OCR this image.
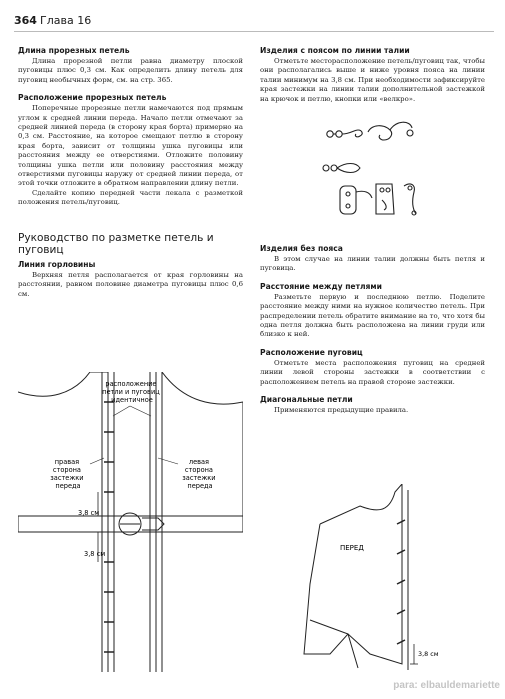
364 Глава 16
Длина прорезных петель

Длина прорезной петли равна диаметру плоской пуговицы плюс 0,3 см. Как определить длину петель для пуговиц необычных форм, см. на стр. 365.

Расположение прорезных петель

Поперечные прорезные петли намечаются под прямым углом к средней линии переда. Начало петли отмечают за средней линией переда (в сторону края борта) примерно на 0,3 см. Расстояние, на которое смещают петлю в сторону края борта, зависит от толщины ушка пуговицы или расстояния между ее отверстиями. Отложите половину толщины ушка петли или половину расстояния между отверстиями пуговицы наружу от средней линии переда, от этой точки отложите в обратном направлении длину петли.

Сделайте копию передней части лекала с разметкой положения петель/пуговиц.

Руководство по разметке петель и пуговиц
Линия горловины

Верхняя петля располагается от края горловины на расстоянии, равном половине диаметра пуговицы плюс 0,6 см.

Изделия с поясом по линии талии

Отметьте месторасположение петель/пуговиц так, чтобы они располагались выше и ниже уровня пояса на линии талии минимум на 3,8 см. При необходимости зафиксируйте края застежки на линии талии дополнительной застежкой на крючок и петлю, кнопки или «велкро».

Изделия без пояса

В этом случае на линии талии должны быть петля и пуговица.

Расстояние между петлями

Разметьте первую и последнюю петлю. Поделите расстояние между ними на нужное количество петель. При распределении петель обратите внимание на то, что хотя бы одна петля должна быть расположена на линии груди или близко к ней.

Расположение пуговиц

Отметьте места расположения пуговиц на средней линии левой стороны застежки в соответствии с расположением петель на правой стороне застежки.

Диагональные петли

Применяются предыдущие правила.

расположение петли и пуговиц идентичное
правая сторона застежки переда
левая сторона застежки переда
3,8 см
3,8 см
ПЕРЕД
3,8 см
para: elbauldemariette
